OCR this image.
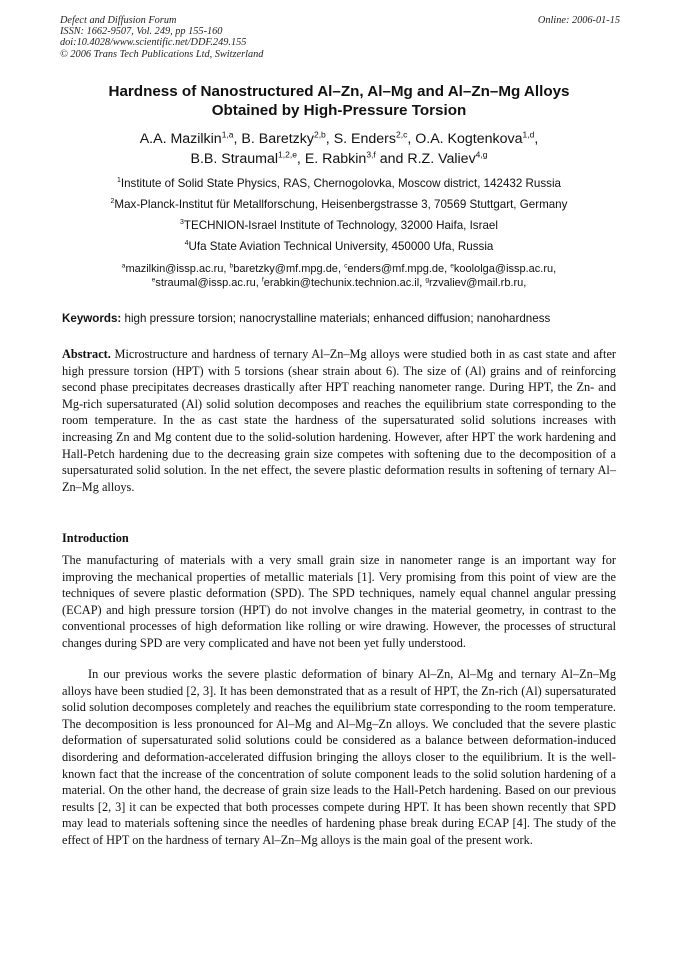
Defect and Diffusion Forum
ISSN: 1662-9507, Vol. 249, pp 155-160
doi:10.4028/www.scientific.net/DDF.249.155
© 2006 Trans Tech Publications Ltd, Switzerland
Online: 2006-01-15
Hardness of Nanostructured Al–Zn, Al–Mg and Al–Zn–Mg Alloys
Obtained by High-Pressure Torsion
A.A. Mazilkin$^{1,a}$, B. Baretzky$^{2,b}$, S. Enders$^{2,c}$, O.A. Kogtenkova$^{1,d}$,
B.B. Straumal$^{1,2,e}$, E. Rabkin$^{3,f}$ and R.Z. Valiev$^{4,g}$
$^1$Institute of Solid State Physics, RAS, Chernogolovka, Moscow district, 142432 Russia
$^2$Max-Planck-Institut für Metallforschung, Heisenbergstrasse 3, 70569 Stuttgart, Germany
$^3$TECHNION-Israel Institute of Technology, 32000 Haifa, Israel
$^4$Ufa State Aviation Technical University, 450000 Ufa, Russia
$^a$mazilkin@issp.ac.ru, $^b$baretzky@mf.mpg.de, $^c$enders@mf.mpg.de, $^e$koololga@issp.ac.ru,
$^e$straumal@issp.ac.ru, $^f$erabkin@techunix.technion.ac.il, $^g$rzvaliev@mail.rb.ru,
Keywords: high pressure torsion; nanocrystalline materials; enhanced diffusion; nanohardness
Abstract. Microstructure and hardness of ternary Al–Zn–Mg alloys were studied both in as cast state and after high pressure torsion (HPT) with 5 torsions (shear strain about 6). The size of (Al) grains and of reinforcing second phase precipitates decreases drastically after HPT reaching nanometer range. During HPT, the Zn- and Mg-rich supersaturated (Al) solid solution decomposes and reaches the equilibrium state corresponding to the room temperature. In the as cast state the hardness of the supersaturated solid solutions increases with increasing Zn and Mg content due to the solid-solution hardening. However, after HPT the work hardening and Hall-Petch hardening due to the decreasing grain size competes with softening due to the decomposition of a supersaturated solid solution. In the net effect, the severe plastic deformation results in softening of ternary Al–Zn–Mg alloys.
Introduction
The manufacturing of materials with a very small grain size in nanometer range is an important way for improving the mechanical properties of metallic materials [1]. Very promising from this point of view are the techniques of severe plastic deformation (SPD). The SPD techniques, namely equal channel angular pressing (ECAP) and high pressure torsion (HPT) do not involve changes in the material geometry, in contrast to the conventional processes of high deformation like rolling or wire drawing. However, the processes of structural changes during SPD are very complicated and have not been yet fully understood.
In our previous works the severe plastic deformation of binary Al–Zn, Al–Mg and ternary Al–Zn–Mg alloys have been studied [2, 3]. It has been demonstrated that as a result of HPT, the Zn-rich (Al) supersaturated solid solution decomposes completely and reaches the equilibrium state corresponding to the room temperature. The decomposition is less pronounced for Al–Mg and Al–Mg–Zn alloys. We concluded that the severe plastic deformation of supersaturated solid solutions could be considered as a balance between deformation-induced disordering and deformation-accelerated diffusion bringing the alloys closer to the equilibrium. It is the well-known fact that the increase of the concentration of solute component leads to the solid solution hardening of a material. On the other hand, the decrease of grain size leads to the Hall-Petch hardening. Based on our previous results [2, 3] it can be expected that both processes compete during HPT. It has been shown recently that SPD may lead to materials softening since the needles of hardening phase break during ECAP [4]. The study of the effect of HPT on the hardness of ternary Al–Zn–Mg alloys is the main goal of the present work.
